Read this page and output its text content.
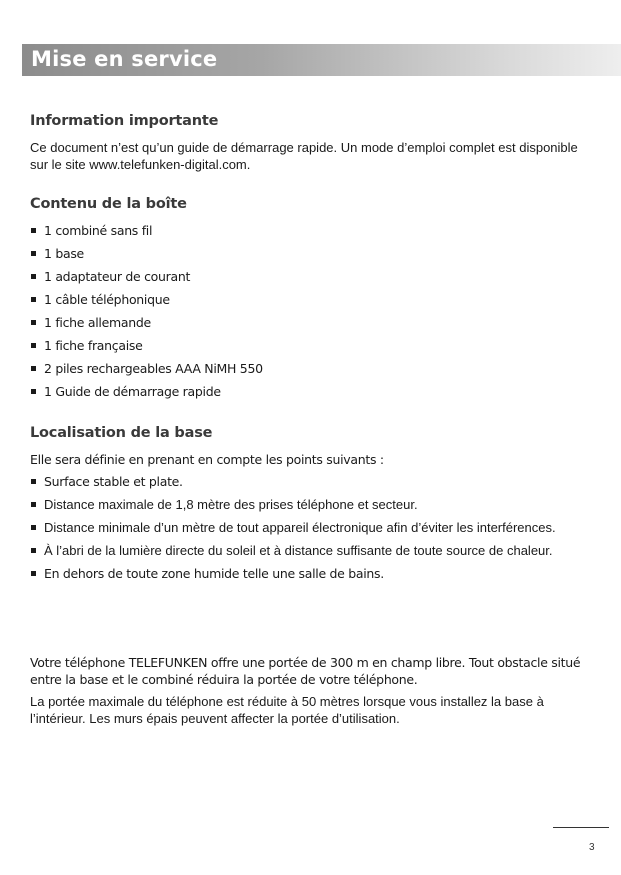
Mise en service
Information importante

Ce document n’est qu’un guide de démarrage rapide. Un mode d’emploi complet est disponible sur le site www.telefunken-digital.com.

Contenu de la boîte
1 combiné sans fil
1 base
1 adaptateur de courant
1 câble téléphonique
1 fiche allemande
1 fiche française
2 piles rechargeables AAA NiMH 550
1 Guide de démarrage rapide
Localisation de la base

Elle sera définie en prenant en compte les points suivants :

Surface stable et plate.
Distance maximale de 1,8 mètre des prises téléphone et secteur.
Distance minimale d’un mètre de tout appareil électronique afin d’éviter les interférences.
À l’abri de la lumière directe du soleil et à distance suffisante de toute source de chaleur.
En dehors de toute zone humide telle une salle de bains.

Votre téléphone TELEFUNKEN offre une portée de 300 m en champ libre. Tout obstacle situé entre la base et le combiné réduira la portée de votre téléphone.

La portée maximale du téléphone est réduite à 50 mètres lorsque vous installez la base à l’intérieur. Les murs épais peuvent affecter la portée d’utilisation.

3
